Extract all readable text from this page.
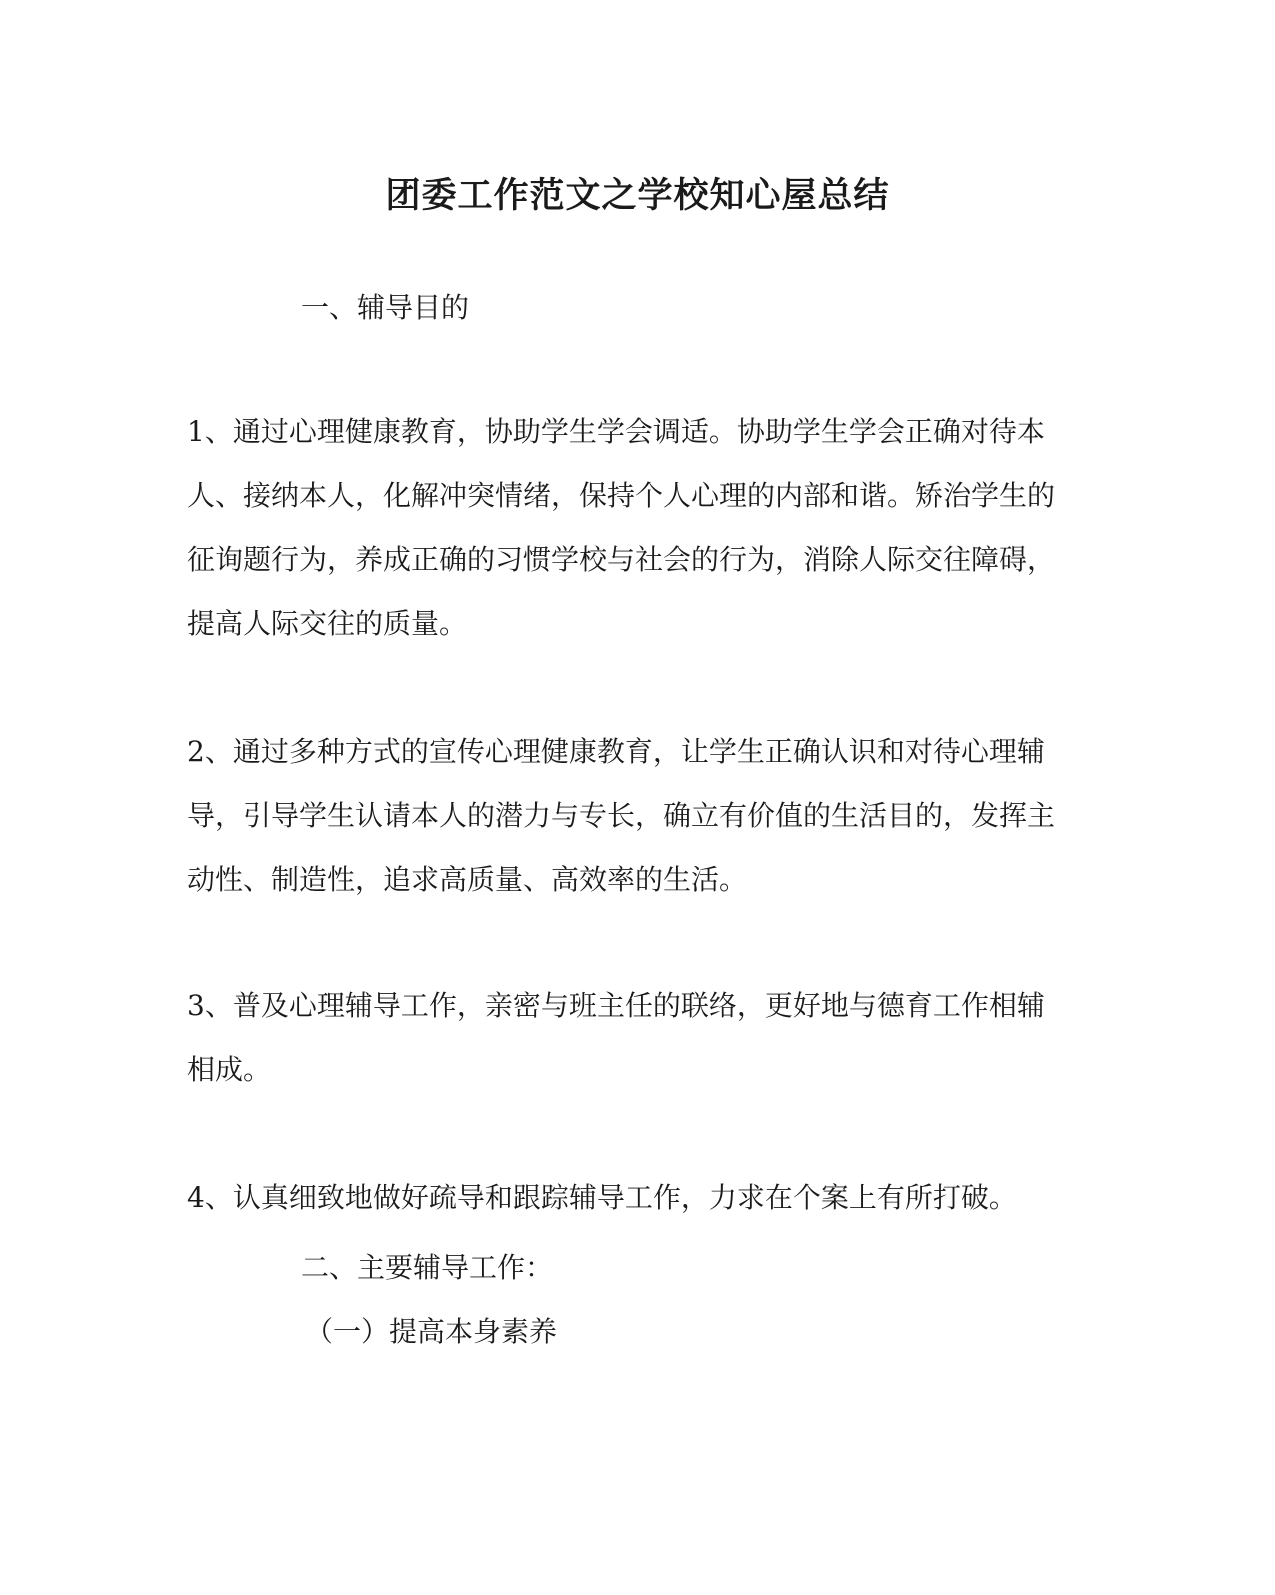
团委工作范文之学校知心屋总结
一、辅导目的
1、通过心理健康教育，协助学生学会调适。协助学生学会正确对待本人、接纳本人，化解冲突情绪，保持个人心理的内部和谐。矫治学生的征询题行为，养成正确的习惯学校与社会的行为，消除人际交往障碍，提高人际交往的质量。
2、通过多种方式的宣传心理健康教育，让学生正确认识和对待心理辅导，引导学生认请本人的潜力与专长，确立有价值的生活目的，发挥主动性、制造性，追求高质量、高效率的生活。
3、普及心理辅导工作，亲密与班主任的联络，更好地与德育工作相辅相成。
4、认真细致地做好疏导和跟踪辅导工作，力求在个案上有所打破。
二、主要辅导工作：
（一）提高本身素养
